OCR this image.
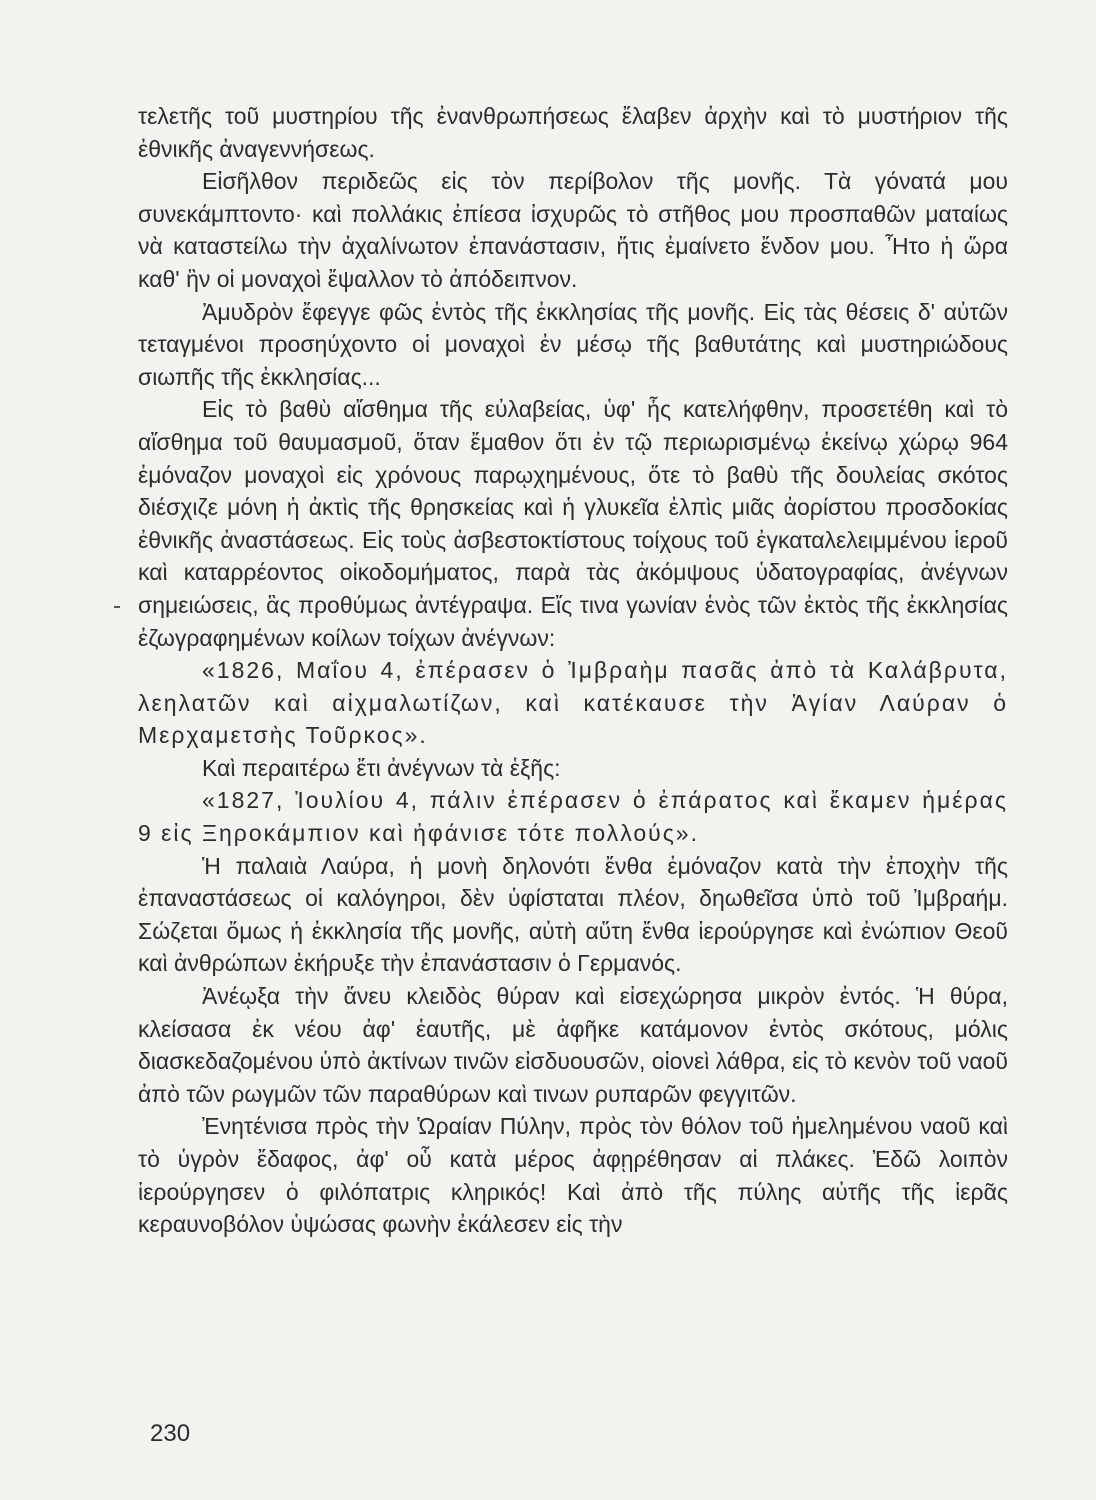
τελετῆς τοῦ μυστηρίου τῆς ἐνανθρωπήσεως ἔλαβεν ἀρχὴν καὶ τὸ μυστήριον τῆς ἐθνικῆς ἀναγεννήσεως.

Εἰσῆλθον περιδεῶς εἰς τὸν περίβολον τῆς μονῆς. Τὰ γόνατά μου συνεκάμπτοντο· καὶ πολλάκις ἐπίεσα ἰσχυρῶς τὸ στῆθος μου προσπαθῶν ματαίως νὰ καταστείλω τὴν ἀχαλίνωτον ἐπανάστασιν, ἥτις ἐμαίνετο ἔνδον μου. Ἦτο ἡ ὥρα καθ' ἣν οἱ μοναχοὶ ἔψαλλον τὸ ἀπόδειπνον.

Ἀμυδρὸν ἔφεγγε φῶς ἐντὸς τῆς ἐκκλησίας τῆς μονῆς. Εἰς τὰς θέσεις δ' αὐτῶν τεταγμένοι προσηύχοντο οἱ μοναχοὶ ἐν μέσῳ τῆς βαθυτάτης καὶ μυστηριώδους σιωπῆς τῆς ἐκκλησίας...

Εἰς τὸ βαθὺ αἴσθημα τῆς εὐλαβείας, ὑφ' ἧς κατελήφθην, προσετέθη καὶ τὸ αἴσθημα τοῦ θαυμασμοῦ, ὅταν ἔμαθον ὅτι ἐν τῷ περιωρισμένῳ ἐκείνῳ χώρῳ 964 ἐμόναζον μοναχοὶ εἰς χρόνους παρῳχημένους, ὅτε τὸ βαθὺ τῆς δουλείας σκότος διέσχιζε μόνη ἡ ἀκτὶς τῆς θρησκείας καὶ ἡ γλυκεῖα ἐλπὶς μιᾶς ἀορίστου προσδοκίας ἐθνικῆς ἀναστάσεως. Εἰς τοὺς ἀσβεστοκτίστους τοίχους τοῦ ἐγκαταλελειμμένου ἱεροῦ καὶ καταρρέοντος οἰκοδομήματος, παρὰ τὰς ἀκόμψους ὑδατογραφίας, ἀνέγνων σημειώσεις, ἃς προθύμως ἀντέγραψα. Εἴς τινα γωνίαν ἑνὸς τῶν ἐκτὸς τῆς ἐκκλησίας ἐζωγραφημένων κοίλων τοίχων ἀνέγνων:

«1826, Μαΐου 4, ἐπέρασεν ὁ Ἰμβραὴμ πασᾶς ἀπὸ τὰ Καλάβρυτα, λεηλατῶν καὶ αἰχμαλωτίζων, καὶ κατέκαυσε τὴν Ἁγίαν Λαύραν ὁ Μερχαμετσὴς Τοῦρκος».

Καὶ περαιτέρω ἔτι ἀνέγνων τὰ ἑξῆς:

«1827, Ἰουλίου 4, πάλιν ἐπέρασεν ὁ ἐπάρατος καὶ ἔκαμεν ἡμέρας 9 εἰς Ξηροκάμπιον καὶ ἠφάνισε τότε πολλούς».

Ἡ παλαιὰ Λαύρα, ἡ μονὴ δηλονότι ἔνθα ἐμόναζον κατὰ τὴν ἐποχὴν τῆς ἐπαναστάσεως οἱ καλόγηροι, δὲν ὑφίσταται πλέον, δηωθεῖσα ὑπὸ τοῦ Ἰμβραήμ. Σώζεται ὅμως ἡ ἐκκλησία τῆς μονῆς, αὐτὴ αὕτη ἔνθα ἱερούργησε καὶ ἐνώπιον Θεοῦ καὶ ἀνθρώπων ἐκήρυξε τὴν ἐπανάστασιν ὁ Γερμανός.

Ἀνέῳξα τὴν ἄνευ κλειδὸς θύραν καὶ εἰσεχώρησα μικρὸν ἐντός. Ἡ θύρα, κλείσασα ἐκ νέου ἀφ' ἑαυτῆς, μὲ ἀφῆκε κατάμονον ἐντὸς σκότους, μόλις διασκεδαζομένου ὑπὸ ἀκτίνων τινῶν εἰσδυουσῶν, οἱονεὶ λάθρα, εἰς τὸ κενὸν τοῦ ναοῦ ἀπὸ τῶν ρωγμῶν τῶν παραθύρων καὶ τινων ρυπαρῶν φεγγιτῶν.

Ἐνητένισα πρὸς τὴν Ὡραίαν Πύλην, πρὸς τὸν θόλον τοῦ ἠμελημένου ναοῦ καὶ τὸ ὑγρὸν ἔδαφος, ἀφ' οὗ κατὰ μέρος ἀφῃρέθησαν αἱ πλάκες. Ἐδῶ λοιπὸν ἱερούργησεν ὁ φιλόπατρις κληρικός! Καὶ ἀπὸ τῆς πύλης αὐτῆς τῆς ἱερᾶς κεραυνοβόλον ὑψώσας φωνὴν ἐκάλεσεν εἰς τὴν

230
